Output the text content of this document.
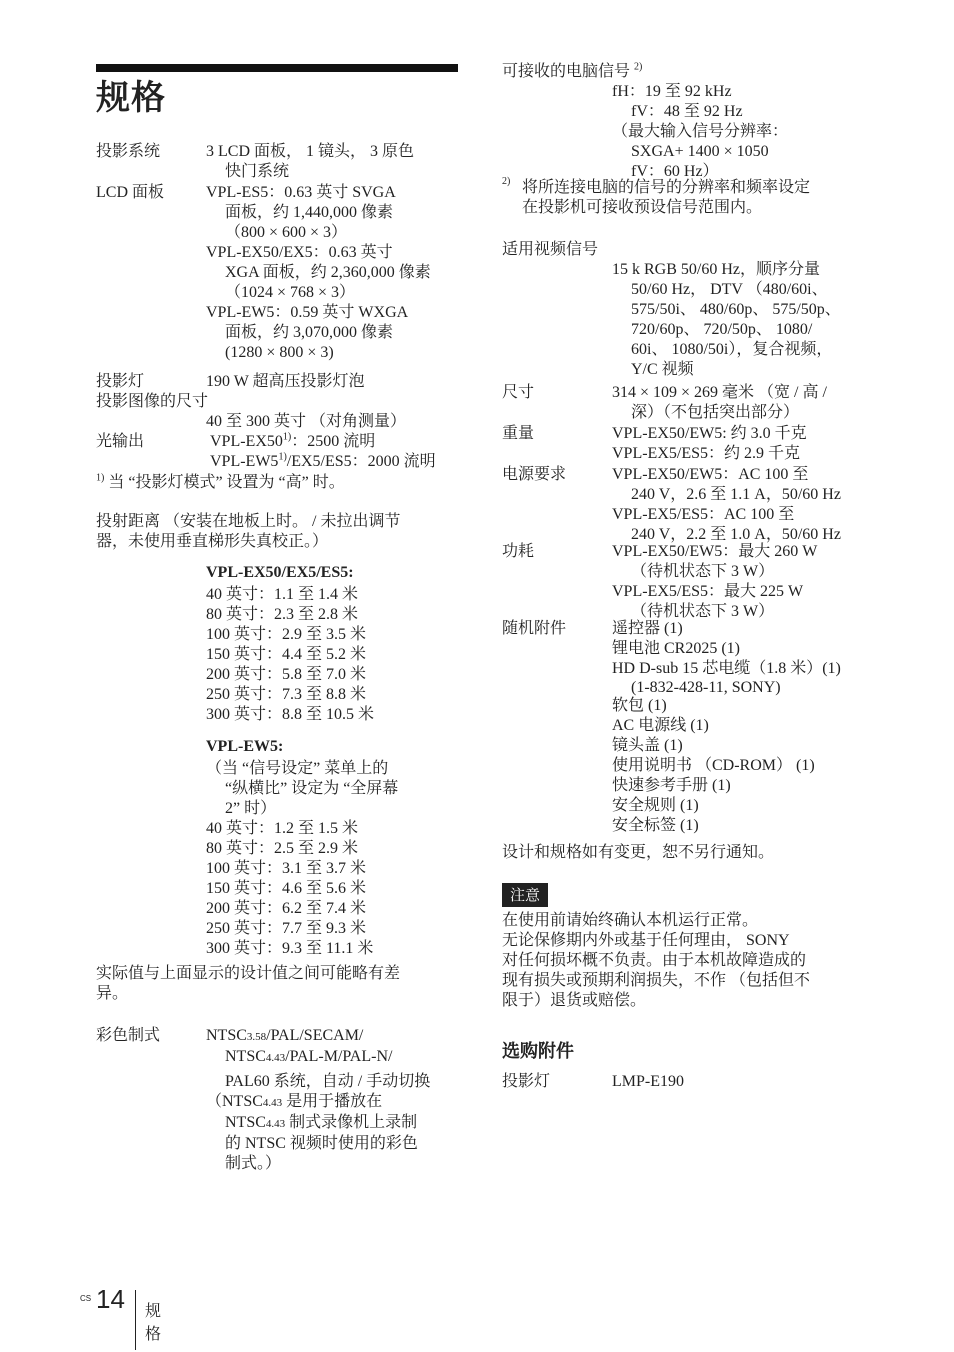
规格
投影系统	3 LCD 面板， 1 镜头， 3 原色
快门系统
LCD 面板	VPL-ES5：0.63 英寸 SVGA
面板，约 1,440,000 像素
（800 × 600 × 3）
VPL-EX50/EX5：0.63 英寸
XGA 面板，约 2,360,000 像素
（1024 × 768 × 3）
VPL-EW5：0.59 英寸 WXGA
面板，约 3,070,000 像素
(1280 × 800 × 3)
投影灯	190 W 超高压投影灯泡
投影图像的尺寸
40 至 300 英寸 （对角测量）
光输出	VPL-EX50$^{1)}$：2500 流明
VPL-EW5$^{1)}$/EX5/ES5：2000 流明
$^{1)}$ 当 “投影灯模式” 设置为 “高” 时。
投射距离 （安装在地板上时。 / 未拉出调节
器，未使用垂直梯形失真校正。）
VPL-EX50/EX5/ES5:
40 英寸：1.1 至 1.4 米
80 英寸：2.3 至 2.8 米
100 英寸：2.9 至 3.5 米
150 英寸：4.4 至 5.2 米
200 英寸：5.8 至 7.0 米
250 英寸：7.3 至 8.8 米
300 英寸：8.8 至 10.5 米
VPL-EW5:
（当 “信号设定” 菜单上的
“纵横比” 设定为 “全屏幕
2” 时）
40 英寸：1.2 至 1.5 米
80 英寸：2.5 至 2.9 米
100 英寸：3.1 至 3.7 米
150 英寸：4.6 至 5.6 米
200 英寸：6.2 至 7.4 米
250 英寸：7.7 至 9.3 米
300 英寸：9.3 至 11.1 米
实际值与上面显示的设计值之间可能略有差
异。
彩色制式	NTSC3.58/PAL/SECAM/
NTSC4.43/PAL-M/PAL-N/
PAL60 系统，自动 / 手动切换
（NTSC4.43 是用于播放在
NTSC4.43 制式录像机上录制
的 NTSC 视频时使用的彩色
制式。）
可接收的电脑信号 $^{2)}$
fH：19 至 92 kHz
fV：48 至 92 Hz
（最大输入信号分辨率：
SXGA+ 1400 × 1050
fV：60 Hz）
2) 将所连接电脑的信号的分辨率和频率设定
在投影机可接收预设信号范围内。
适用视频信号
15 k RGB 50/60 Hz，顺序分量
50/60 Hz， DTV （480/60i、
575/50i、 480/60p、 575/50p、
720/60p、 720/50p、 1080/
60i、 1080/50i），复合视频，
Y/C 视频
尺寸	314 × 109 × 269 毫米 （宽 / 高 /
深）（不包括突出部分）
重量	VPL-EX50/EW5: 约 3.0 千克
VPL-EX5/ES5：约 2.9 千克
电源要求	VPL-EX50/EW5：AC 100 至
240 V，2.6 至 1.1 A，50/60 Hz
VPL-EX5/ES5：AC 100 至
240 V，2.2 至 1.0 A，50/60 Hz
功耗	VPL-EX50/EW5：最大 260 W
（待机状态下 3 W）
VPL-EX5/ES5：最大 225 W
（待机状态下 3 W）
随机附件	遥控器 (1)
锂电池 CR2025 (1)
HD D-sub 15 芯电缆（1.8 米）(1)
(1-832-428-11, SONY)
软包 (1)
AC 电源线 (1)
镜头盖 (1)
使用说明书 （CD-ROM） (1)
快速参考手册 (1)
安全规则 (1)
安全标签 (1)
设计和规格如有变更，恕不另行通知。
注意
在使用前请始终确认本机运行正常。
无论保修期内外或基于任何理由， SONY
对任何损坏概不负责。由于本机故障造成的
现有损失或预期利润损失，不作 （包括但不
限于）退货或赔偿。
选购附件
投影灯	LMP-E190
CS 14 规格
